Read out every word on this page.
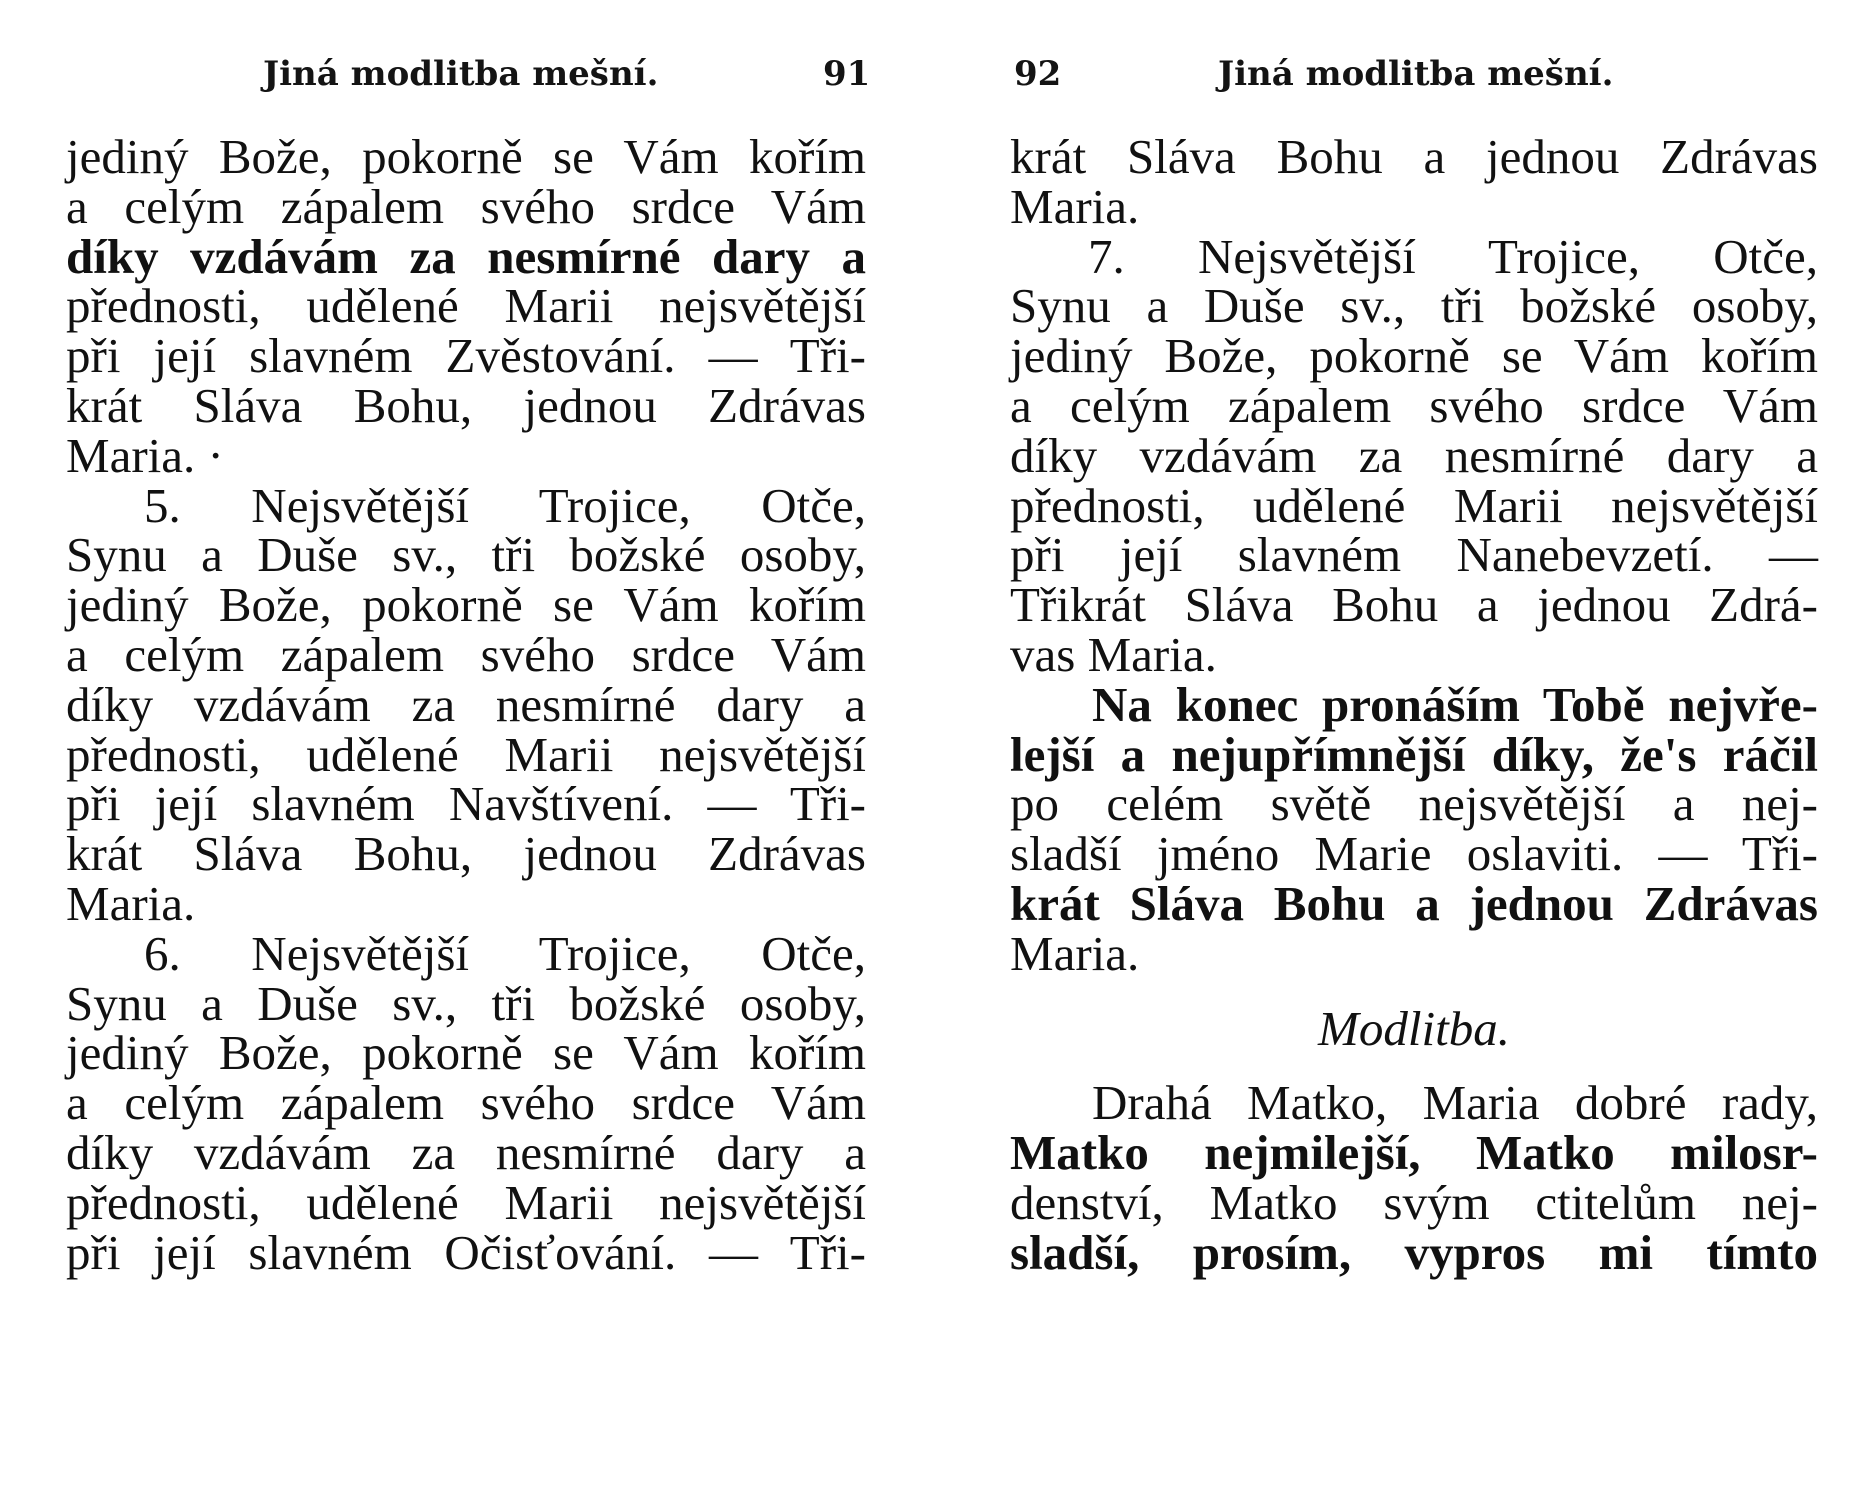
Jiná modlitba mešní.	91
jediný Bože, pokorně se Vám kořím
a celým zápalem svého srdce Vám
díky vzdávám za nesmírné dary a
přednosti, udělené Marii nejsvětější
při její slavném Zvěstování. — Tři-
krát Sláva Bohu, jednou Zdrávas
Maria. ·
5. Nejsvětější Trojice, Otče,
Synu a Duše sv., tři božské osoby,
jediný Bože, pokorně se Vám kořím
a celým zápalem svého srdce Vám
díky vzdávám za nesmírné dary a
přednosti, udělené Marii nejsvětější
při její slavném Navštívení. — Tři-
krát Sláva Bohu, jednou Zdrávas
Maria.
6. Nejsvětější Trojice, Otče,
Synu a Duše sv., tři božské osoby,
jediný Bože, pokorně se Vám kořím
a celým zápalem svého srdce Vám
díky vzdávám za nesmírné dary a
přednosti, udělené Marii nejsvětější
při její slavném Očisťování. — Tři-
92	Jiná modlitba mešní.
krát Sláva Bohu a jednou Zdrávas
Maria.
7. Nejsvětější Trojice, Otče,
Synu a Duše sv., tři božské osoby,
jediný Bože, pokorně se Vám kořím
a celým zápalem svého srdce Vám
díky vzdávám za nesmírné dary a
přednosti, udělené Marii nejsvětější
při její slavném Nanebevzetí. —
Třikrát Sláva Bohu a jednou Zdrá-
vas Maria.
Na konec pronáším Tobě nejvře-
lejší a nejupřímnější díky, že's ráčil
po celém světě nejsvětější a nej-
sladší jméno Marie oslaviti. — Tři-
krát Sláva Bohu a jednou Zdrávas
Maria.
Modlitba.
Drahá Matko, Maria dobré rady,
Matko nejmilejší, Matko milosr-
denství, Matko svým ctitelům nej-
sladší, prosím, vypros mi tímto
